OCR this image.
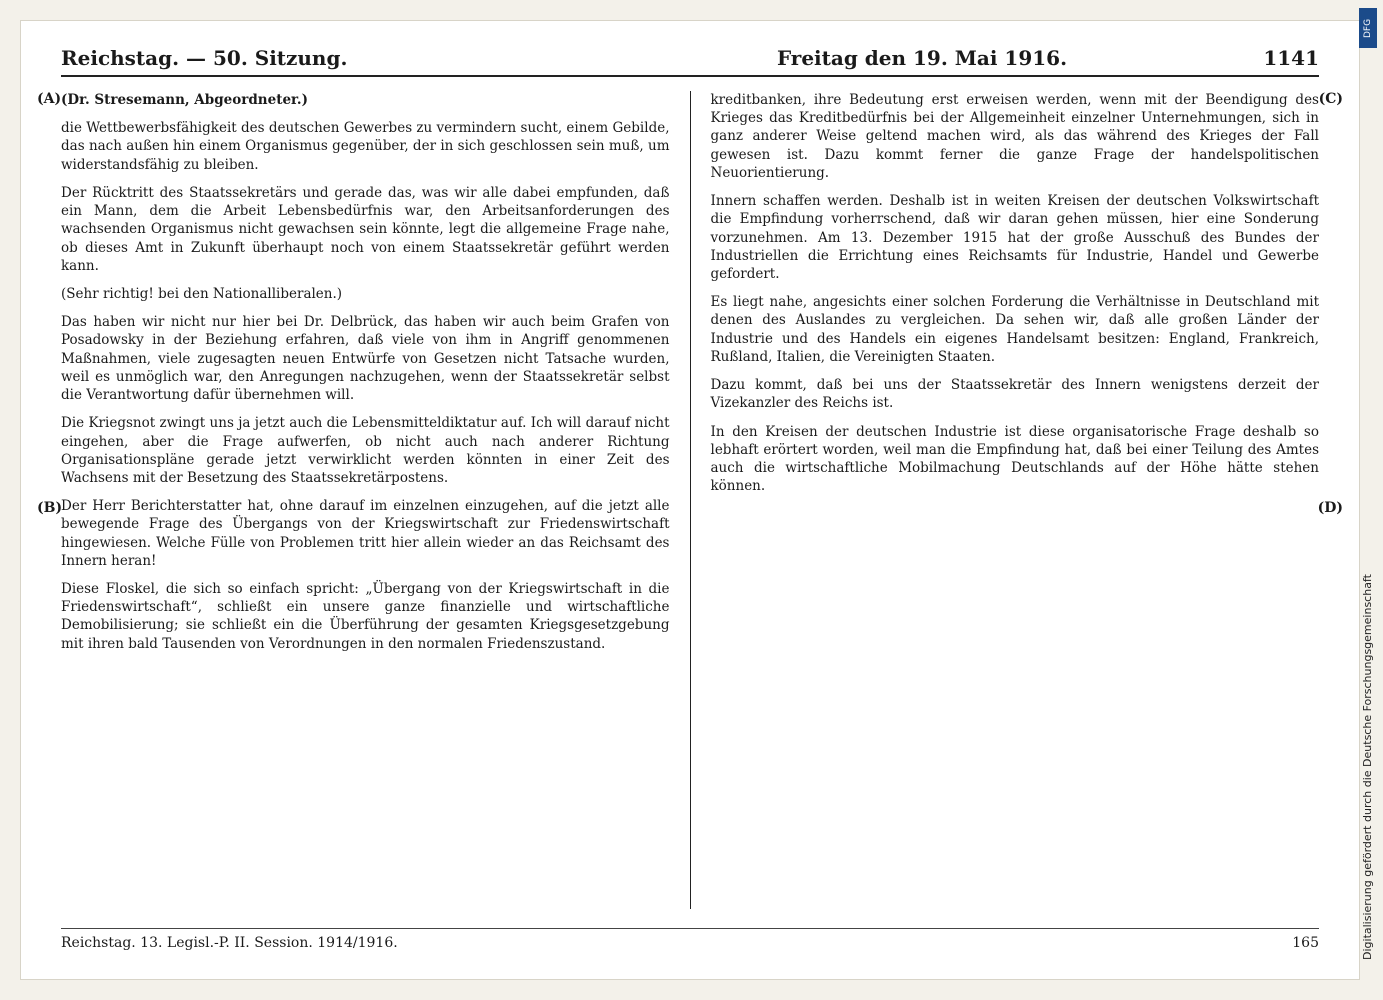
Reichstag. — 50. Sitzung.	Freitag den 19. Mai 1916.	1141
(A) (Dr. Stresemann, Abgeordneter.)

die Wettbewerbsfähigkeit des deutschen Gewerbes zu vermindern sucht, einem Gebilde, das nach außen hin einem Organismus gegenüber, der in sich geschlossen sein muß, um widerstandsfähig zu bleiben.

Der Rücktritt des Staatssekretärs und gerade das, was wir alle dabei empfunden, daß ein Mann, dem die Arbeit Lebensbedürfnis war, den Arbeitsanforderungen des wachsenden Organismus nicht gewachsen sein könnte, legt die allgemeine Frage nahe, ob dieses Amt in Zukunft überhaupt noch von einem Staatssekretär geführt werden kann.

(Sehr richtig! bei den Nationalliberalen.)

Das haben wir nicht nur hier bei Dr. Delbrück, das haben wir auch beim Grafen von Posadowsky in der Beziehung erfahren, daß viele von ihm in Angriff genommenen Maßnahmen, viele zugesagten neuen Entwürfe von Gesetzen nicht Tatsache wurden, weil es unmöglich war, den Anregungen nachzugehen, wenn der Staatssekretär selbst die Verantwortung dafür übernehmen will.

(B)

Die Kriegsnot zwingt uns ja jetzt auch die Lebensmitteldiktatur auf. Ich will darauf nicht eingehen, aber die Frage aufwerfen, ob nicht auch nach anderer Richtung Organisationspläne gerade jetzt verwirklicht werden könnten in einer Zeit des Wachsens mit der Besetzung des Staatssekretärpostens.

Der Herr Berichterstatter hat, ohne darauf im einzelnen einzugehen, auf die jetzt alle bewegende Frage des Übergangs von der Kriegswirtschaft zur Friedenswirtschaft hingewiesen. Welche Fülle von Problemen tritt hier allein wieder an das Reichsamt des Innern heran!

Diese Floskel, die sich so einfach spricht: „Übergang von der Kriegswirtschaft in die Friedenswirtschaft“, schließt ein unsere ganze finanzielle und wirtschaftliche Demobilisierung; sie schließt ein die Überführung der gesamten Kriegsgesetzgebung mit ihren bald Tausenden von Verordnungen in den normalen Friedenszustand.

(C)

kreditbanken, ihre Bedeutung erst erweisen werden, wenn mit der Beendigung des Krieges das Kreditbedürfnis bei der Allgemeinheit einzelner Unternehmungen, sich in ganz anderer Weise geltend machen wird, als das während des Krieges der Fall gewesen ist. Dazu kommt ferner die ganze Frage der handelspolitischen Neuorientierung.

Innern schaffen werden. Deshalb ist in weiten Kreisen der deutschen Volkswirtschaft die Empfindung vorherrschend, daß wir daran gehen müssen, hier eine Sonderung vorzunehmen. Am 13. Dezember 1915 hat der große Ausschuß des Bundes der Industriellen die Errichtung eines Reichsamts für Industrie, Handel und Gewerbe gefordert.

Es liegt nahe, angesichts einer solchen Forderung die Verhältnisse in Deutschland mit denen des Auslandes zu vergleichen. Da sehen wir, daß alle großen Länder der Industrie und des Handels ein eigenes Handelsamt besitzen: England, Frankreich, Rußland, Italien, die Vereinigten Staaten.

(D)

Dazu kommt, daß bei uns der Staatssekretär des Innern wenigstens derzeit der Vizekanzler des Reichs ist.

In den Kreisen der deutschen Industrie ist diese organisatorische Frage deshalb so lebhaft erörtert worden, weil man die Empfindung hat, daß bei einer Teilung des Amtes auch die wirtschaftliche Mobilmachung Deutschlands auf der Höhe hätte stehen können.

Reichstag. 13. Legisl.-P. II. Session. 1914/1916.	165
DFG
Digitalisierung gefördert durch die Deutsche Forschungsgemeinschaft
